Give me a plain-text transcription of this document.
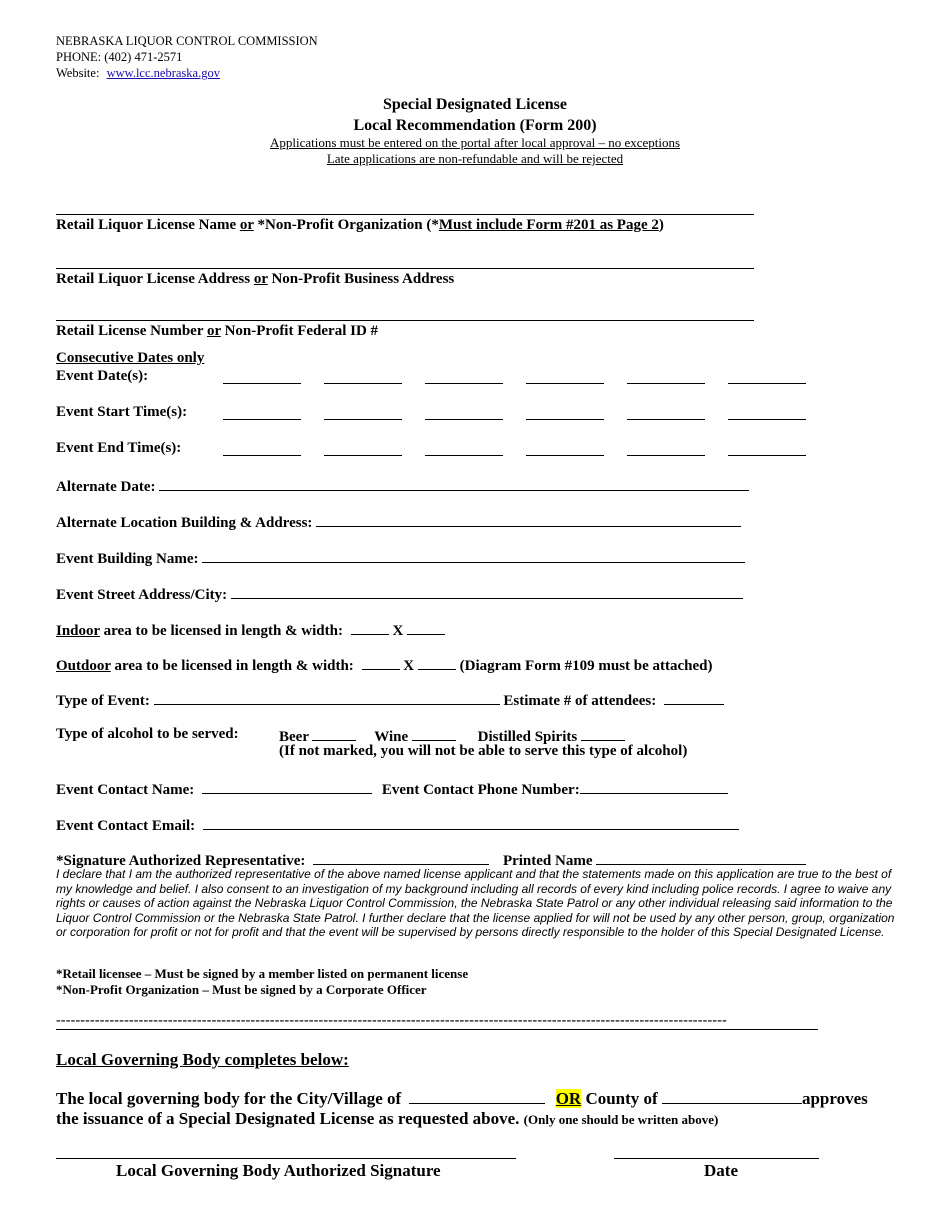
NEBRASKA LIQUOR CONTROL COMMISSION
PHONE: (402) 471-2571
Website: www.lcc.nebraska.gov
Special Designated License
Local Recommendation (Form 200)
Applications must be entered on the portal after local approval – no exceptions
Late applications are non-refundable and will be rejected
Retail Liquor License Name or *Non-Profit Organization (*Must include Form #201 as Page 2)
Retail Liquor License Address or Non-Profit Business Address
Retail License Number or Non-Profit Federal ID #
Consecutive Dates only
Event Date(s):
Event Start Time(s):
Event End Time(s):
Alternate Date:
Alternate Location Building & Address:
Event Building Name:
Event Street Address/City:
Indoor area to be licensed in length & width:	X
Outdoor area to be licensed in length & width:	X	(Diagram Form #109 must be attached)
Type of Event:	Estimate # of attendees:
Type of alcohol to be served:	Beer	Wine	Distilled Spirits
(If not marked, you will not be able to serve this type of alcohol)
Event Contact Name:	Event Contact Phone Number:
Event Contact Email:
*Signature Authorized Representative:	Printed Name
I declare that I am the authorized representative of the above named license applicant and that the statements made on this application are true to the best of my knowledge and belief. I also consent to an investigation of my background including all records of every kind including police records. I agree to waive any rights or causes of action against the Nebraska Liquor Control Commission, the Nebraska State Patrol or any other individual releasing said information to the Liquor Control Commission or the Nebraska State Patrol. I further declare that the license applied for will not be used by any other person, group, organization or corporation for profit or not for profit and that the event will be supervised by persons directly responsible to the holder of this Special Designated License.
*Retail licensee – Must be signed by a member listed on permanent license
*Non-Profit Organization – Must be signed by a Corporate Officer
------------------------------------------------------------------------------------------------------------------------------------------
Local Governing Body completes below:
The local governing body for the City/Village of	OR County of	approves
the issuance of a Special Designated License as requested above. (Only one should be written above)
Local Governing Body Authorized Signature	Date
